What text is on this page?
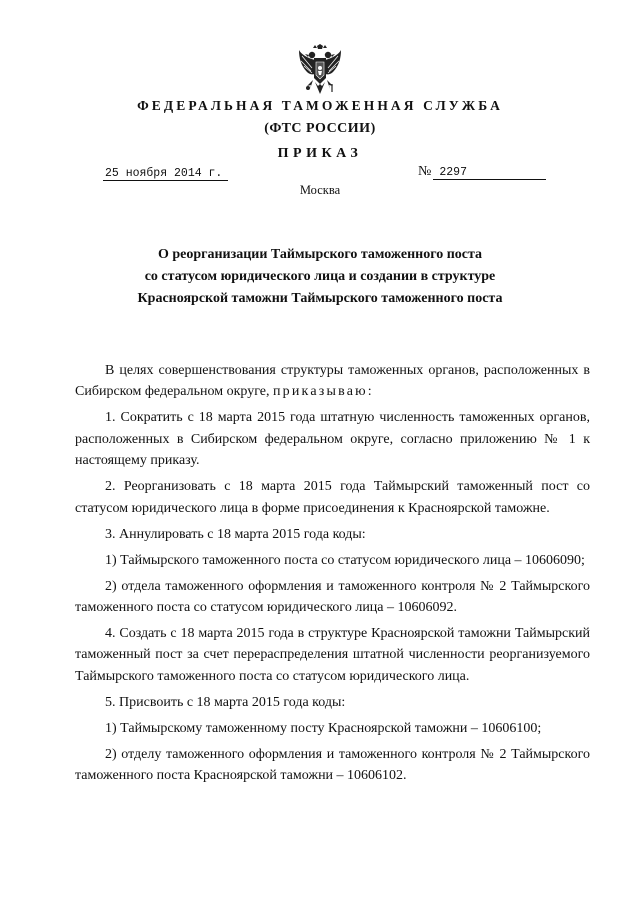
ФЕДЕРАЛЬНАЯ ТАМОЖЕННАЯ СЛУЖБА
(ФТС РОССИИ)
ПРИКАЗ
25 ноября 2014 г.	№ 2297
Москва
О реорганизации Таймырского таможенного поста
со статусом юридического лица и создании в структуре
Красноярской таможни Таймырского таможенного поста

В целях совершенствования структуры таможенных органов, расположенных в Сибирском федеральном округе, приказываю:

1. Сократить с 18 марта 2015 года штатную численность таможенных органов, расположенных в Сибирском федеральном округе, согласно приложению № 1 к настоящему приказу.

2. Реорганизовать с 18 марта 2015 года Таймырский таможенный пост со статусом юридического лица в форме присоединения к Красноярской таможне.

3. Аннулировать с 18 марта 2015 года коды:

1) Таймырского таможенного поста со статусом юридического лица – 10606090;

2) отдела таможенного оформления и таможенного контроля № 2 Таймырского таможенного поста со статусом юридического лица – 10606092.

4. Создать с 18 марта 2015 года в структуре Красноярской таможни Таймырский таможенный пост за счет перераспределения штатной численности реорганизуемого Таймырского таможенного поста со статусом юридического лица.

5. Присвоить с 18 марта 2015 года коды:

1) Таймырскому таможенному посту Красноярской таможни – 10606100;

2) отделу таможенного оформления и таможенного контроля № 2 Таймырского таможенного поста Красноярской таможни – 10606102.
